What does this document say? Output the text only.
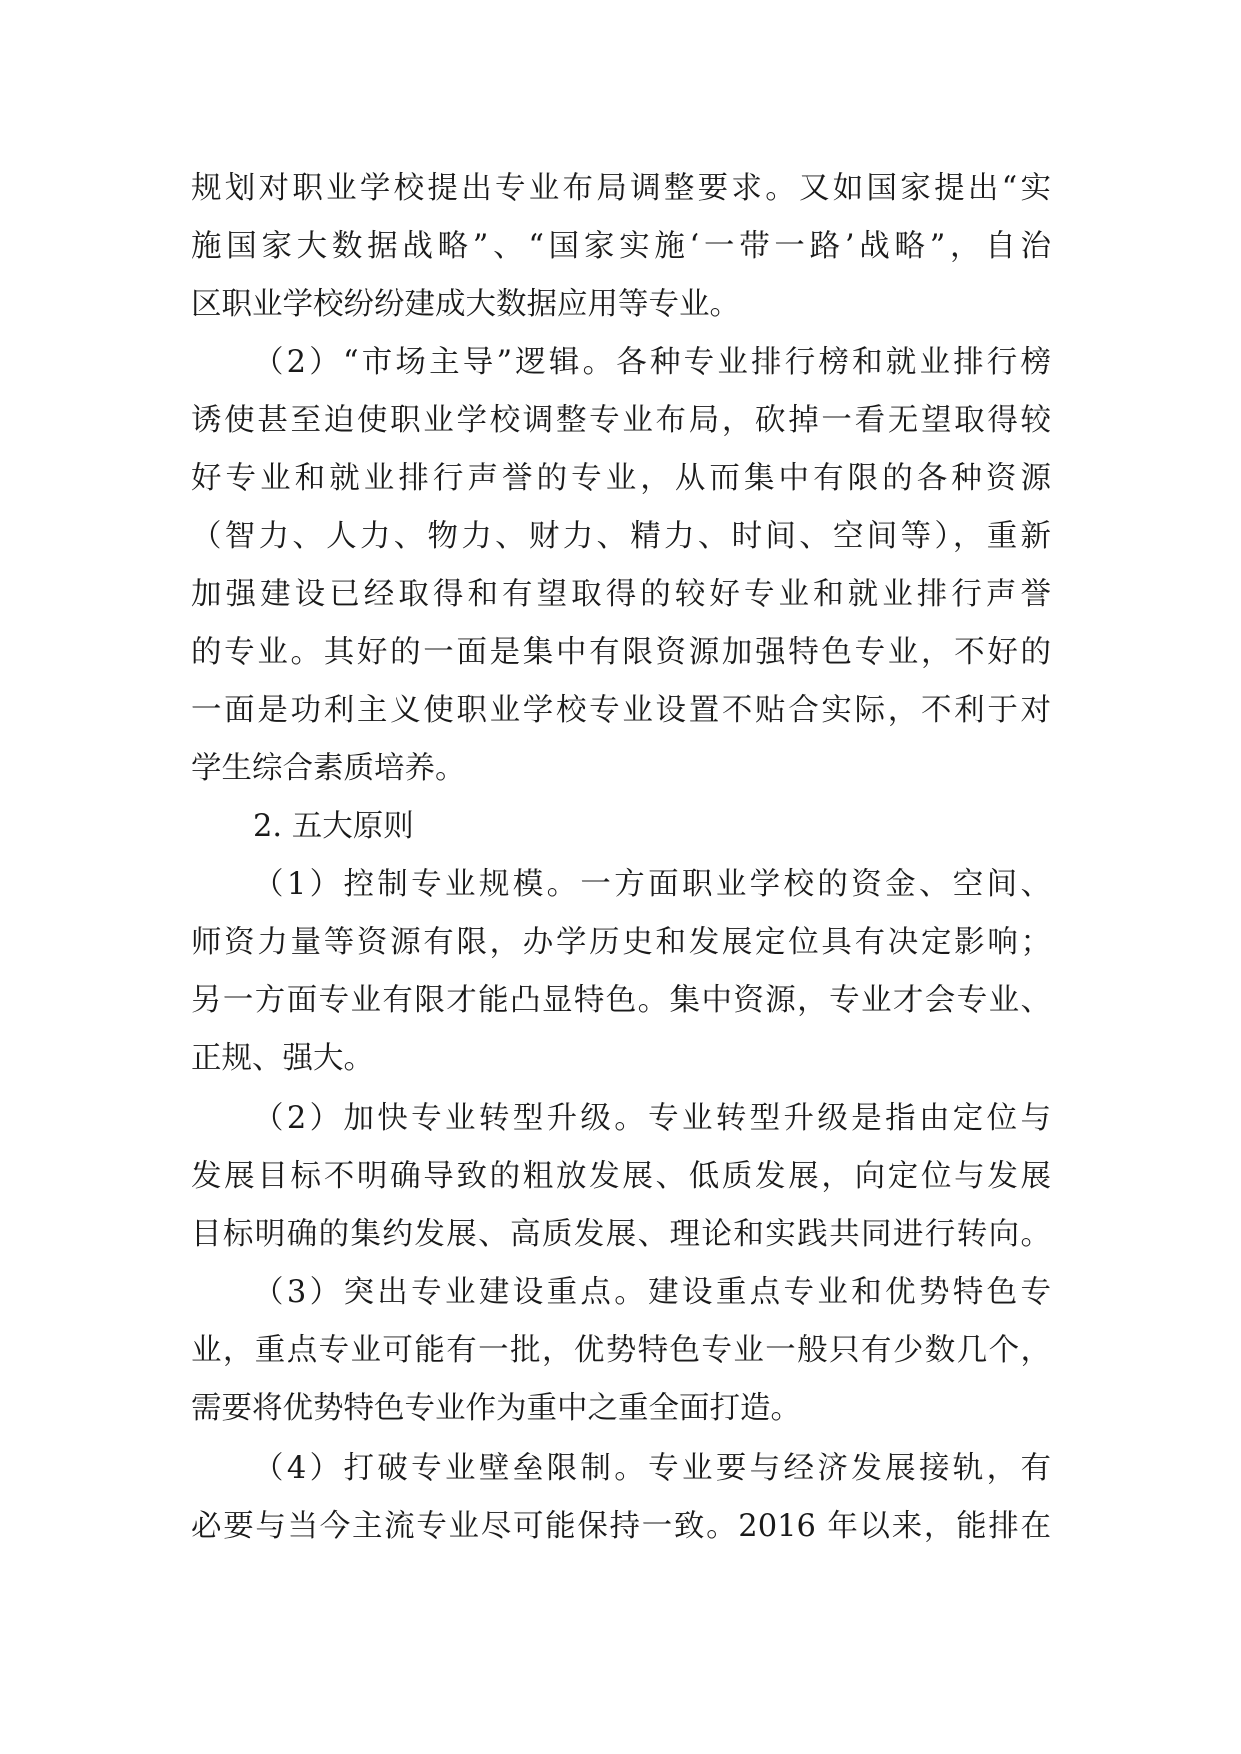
规划对职业学校提出专业布局调整要求。又如国家提出“实
施国家大数据战略”、“国家实施‘一带一路’战略”，自治
区职业学校纷纷建成大数据应用等专业。
（2）“市场主导”逻辑。各种专业排行榜和就业排行榜
诱使甚至迫使职业学校调整专业布局，砍掉一看无望取得较
好专业和就业排行声誉的专业，从而集中有限的各种资源
（智力、人力、物力、财力、精力、时间、空间等），重新
加强建设已经取得和有望取得的较好专业和就业排行声誉
的专业。其好的一面是集中有限资源加强特色专业，不好的
一面是功利主义使职业学校专业设置不贴合实际，不利于对
学生综合素质培养。
2. 五大原则
（1）控制专业规模。一方面职业学校的资金、空间、
师资力量等资源有限，办学历史和发展定位具有决定影响；
另一方面专业有限才能凸显特色。集中资源，专业才会专业、
正规、强大。
（2）加快专业转型升级。专业转型升级是指由定位与
发展目标不明确导致的粗放发展、低质发展，向定位与发展
目标明确的集约发展、高质发展、理论和实践共同进行转向。
（3）突出专业建设重点。建设重点专业和优势特色专
业，重点专业可能有一批，优势特色专业一般只有少数几个，
需要将优势特色专业作为重中之重全面打造。
（4）打破专业壁垒限制。专业要与经济发展接轨，有
必要与当今主流专业尽可能保持一致。2016 年以来，能排在
